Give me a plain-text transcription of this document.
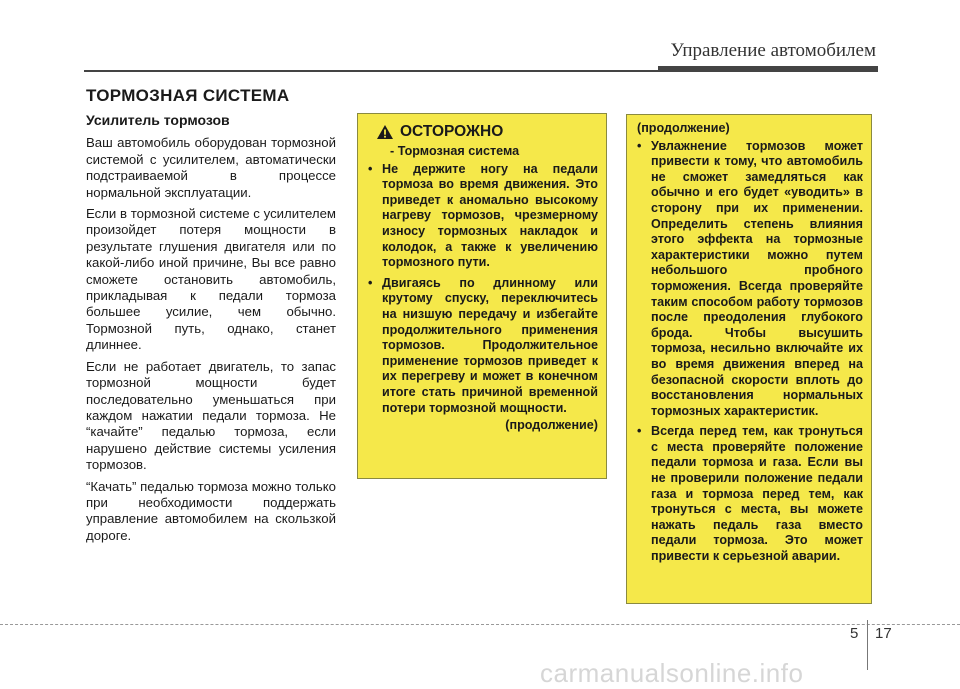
Управление автомобилем
ТОРМОЗНАЯ СИСТЕМА
Усилитель тормозов

Ваш автомобиль оборудован тормозной системой с усилителем, автоматически подстраиваемой в процессе нормальной эксплуатации.

Если в тормозной системе с усилителем произойдет потеря мощности в результате глушения двигателя или по какой-либо иной причине, Вы все равно сможете остановить автомобиль, прикладывая к педали тормоза большее усилие, чем обычно. Тормозной путь, однако, станет длиннее.

Если не работает двигатель, то запас тормозной мощности будет последовательно уменьшаться при каждом нажатии педали тормоза. Не “качайте” педалью тормоза, если нарушено действие системы усиления тормозов.

“Качать” педалью тормоза можно только при необходимости поддержать управление автомобилем на скользкой дороге.

ОСТОРОЖНО
- Тормозная система
• Не держите ногу на педали тормоза во время движения. Это приведет к аномально высокому нагреву тормозов, чрезмерному износу тормозных накладок и колодок, а также к увеличению тормозного пути.
• Двигаясь по длинному или крутому спуску, переключитесь на низшую передачу и избегайте продолжительного применения тормозов. Продолжительное применение тормозов приведет к их перегреву и может в конечном итоге стать причиной временной потери тормозной мощности.
(продолжение)
(продолжение)
• Увлажнение тормозов может привести к тому, что автомобиль не сможет замедляться как обычно и его будет «уводить» в сторону при их применении. Определить степень влияния этого эффекта на тормозные характеристики можно путем небольшого пробного торможения. Всегда проверяйте таким способом работу тормозов после преодоления глубокого брода. Чтобы высушить тормоза, несильно включайте их во время движения вперед на безопасной скорости вплоть до восстановления нормальных тормозных характеристик.
• Всегда перед тем, как тронуться с места проверяйте положение педали тормоза и газа. Если вы не проверили положение педали газа и тормоза перед тем, как тронуться с места, вы можете нажать педаль газа вместо педали тормоза. Это может привести к серьезной аварии.
5 17
carmanualsonline.info
